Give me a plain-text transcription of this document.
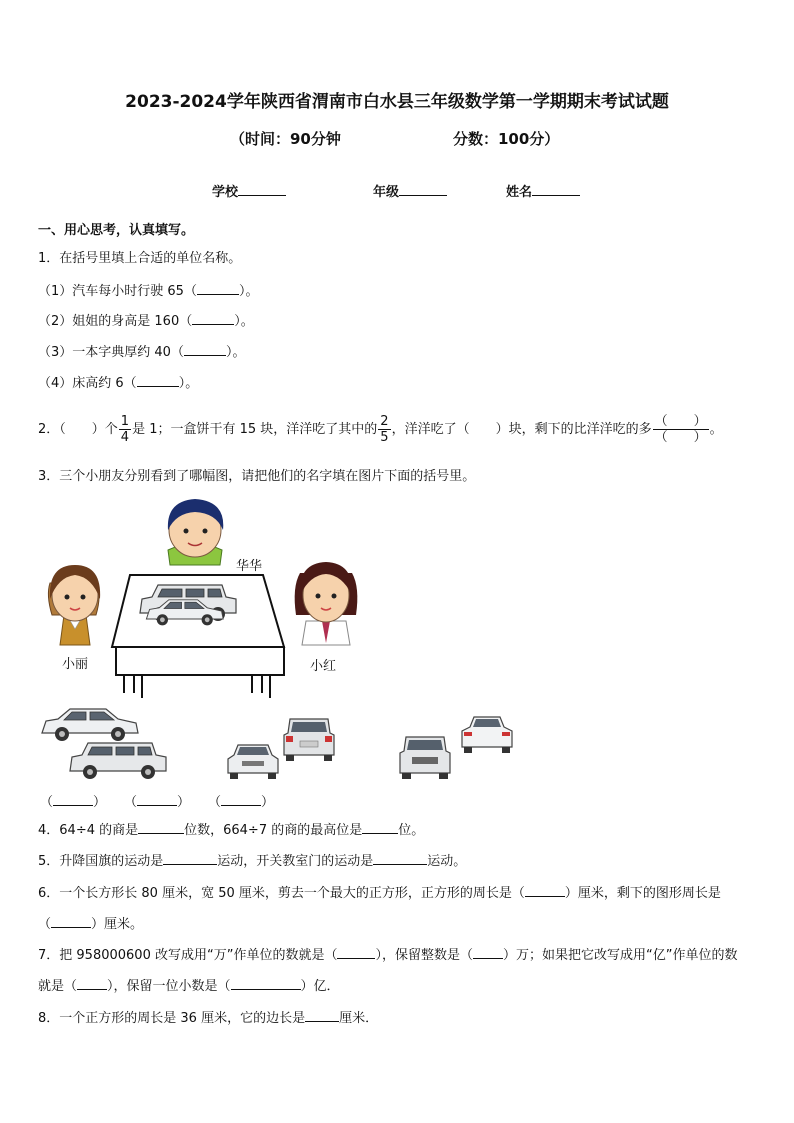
2023-2024学年陕西省渭南市白水县三年级数学第一学期期末考试试题
（时间：90分钟	分数：100分）
学校	年级	姓名
一、用心思考，认真填写。
1．在括号里填上合适的单位名称。
（1）汽车每小时行驶 65（	）。
（2）姐姐的身高是 160（	）。
（3）一本字典厚约 40（	）。
（4）床高约 6（	）。
2．（　　）个 $\frac{1}{4}$ 是 1；一盒饼干有 15 块，洋洋吃了其中的 $\frac{2}{5}$ ，洋洋吃了（　　）块，剩下的比洋洋吃的多 $\frac{( )}{( )}$ 。
3．三个小朋友分别看到了哪幅图，请把他们的名字填在图片下面的括号里。
华华
小丽	小红
（	） （	） （	）
4．64÷4 的商是	位数，664÷7 的商的最高位是	位。
5．升降国旗的运动是	运动，开关教室门的运动是	运动。
6．一个长方形长 80 厘米，宽 50 厘米，剪去一个最大的正方形，正方形的周长是（	）厘米，剩下的图形周长是
（	）厘米。
7．把 958000600 改写成用“万”作单位的数就是（	），保留整数是（ ）万；如果把它改写成用“亿”作单位的数
就是（ ），保留一位小数是（	）亿．
8．一个正方形的周长是 36 厘米，它的边长是	厘米．
